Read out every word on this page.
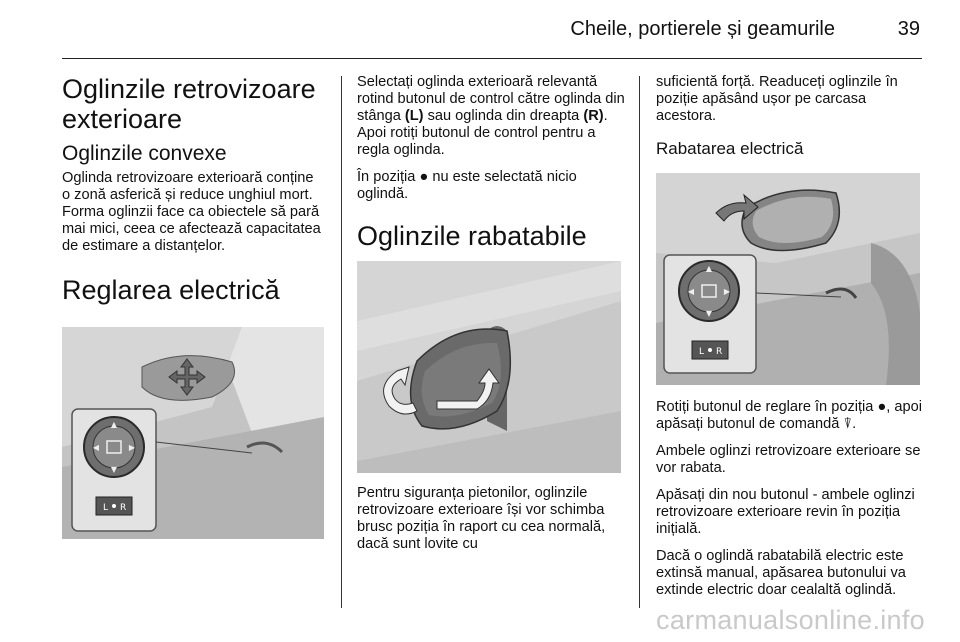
Cheile, portierele și geamurile	39
Oglinzile retrovizoare exterioare
Oglinzile convexe

Oglinda retrovizoare exterioară conține o zonă asferică și reduce unghiul mort. Forma oglinzii face ca obiectele să pară mai mici, ceea ce afectează capacitatea de estimare a distanțelor.

Reglarea electrică
▲
▼
◀	▶
L R

Selectați oglinda exterioară relevantă rotind butonul de control către oglinda din stânga (L) sau oglinda din dreapta (R). Apoi rotiți butonul de control pentru a regla oglinda.

În poziția ● nu este selectată nicio oglindă.

Oglinzile rabatabile

Pentru siguranța pietonilor, oglinzile retrovizoare exterioare își vor schimba brusc poziția în raport cu cea normală, dacă sunt lovite cu

suficientă forță. Readuceți oglinzile în poziție apăsând ușor pe carcasa acestora.

Rabatarea electrică
▲
▼
◀	▶
L R

Rotiți butonul de reglare în poziția ●, apoi apăsați butonul de comandă ⍒.

Ambele oglinzi retrovizoare exterioare se vor rabata.

Apăsați din nou butonul - ambele oglinzi retrovizoare exterioare revin în poziția inițială.

Dacă o oglindă rabatabilă electric este extinsă manual, apăsarea butonului va extinde electric doar cealaltă oglindă.

carmanualsonline.info
